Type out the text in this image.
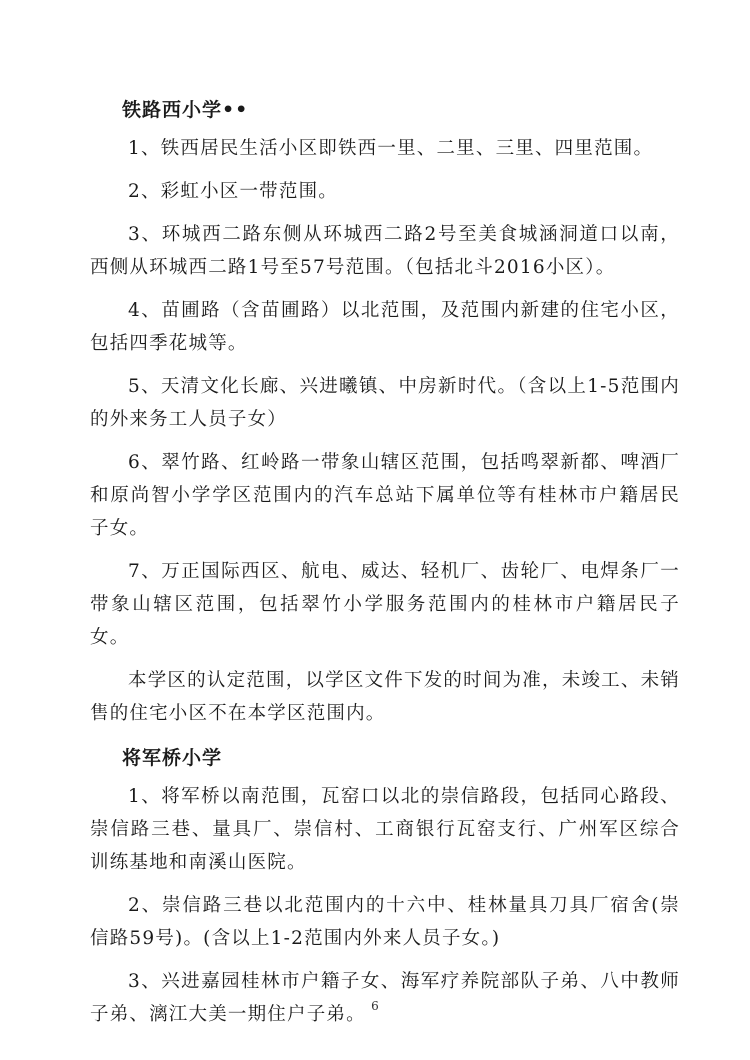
铁路西小学••

1、铁西居民生活小区即铁西一里、二里、三里、四里范围。

2、彩虹小区一带范围。

3、环城西二路东侧从环城西二路2号至美食城涵洞道口以南，西侧从环城西二路1号至57号范围。（包括北斗2016小区）。

4、苗圃路（含苗圃路）以北范围，及范围内新建的住宅小区，包括四季花城等。

5、天清文化长廊、兴进曦镇、中房新时代。（含以上1-5范围内的外来务工人员子女）

6、翠竹路、红岭路一带象山辖区范围，包括鸣翠新都、啤酒厂和原尚智小学学区范围内的汽车总站下属单位等有桂林市户籍居民子女。

7、万正国际西区、航电、威达、轻机厂、齿轮厂、电焊条厂一带象山辖区范围，包括翠竹小学服务范围内的桂林市户籍居民子女。

本学区的认定范围，以学区文件下发的时间为准，未竣工、未销售的住宅小区不在本学区范围内。

将军桥小学

1、将军桥以南范围，瓦窑口以北的崇信路段，包括同心路段、崇信路三巷、量具厂、崇信村、工商银行瓦窑支行、广州军区综合训练基地和南溪山医院。

2、崇信路三巷以北范围内的十六中、桂林量具刀具厂宿舍(崇信路59号)。(含以上1-2范围内外来人员子女。)

3、兴进嘉园桂林市户籍子女、海军疗养院部队子弟、八中教师子弟、漓江大美一期住户子弟。 6
